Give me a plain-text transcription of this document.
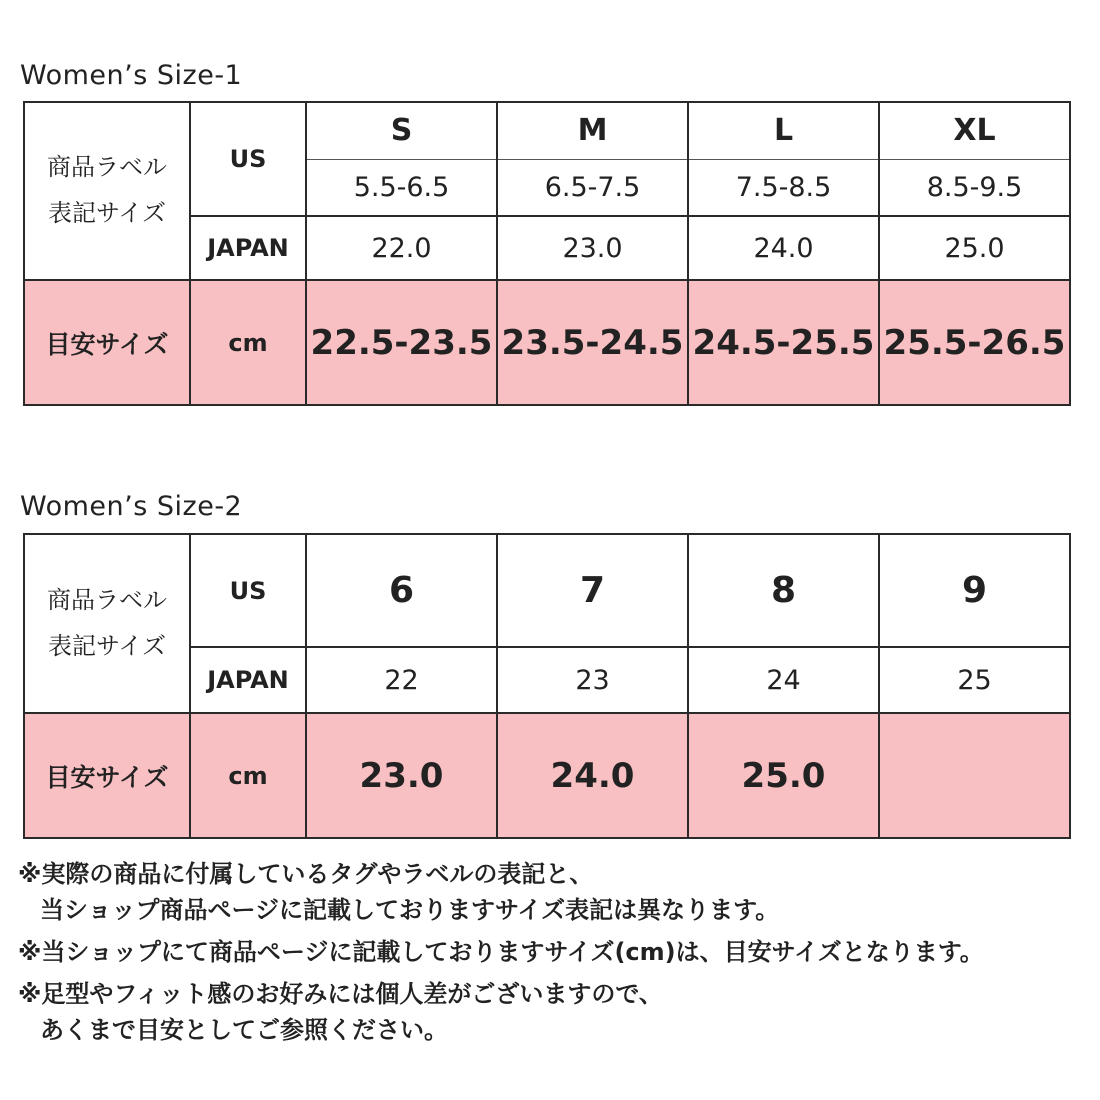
Women’s Size-1
商品ラベル
表記サイズ	US	S	M	L	XL
		5.5-6.5	6.5-7.5	7.5-8.5	8.5-9.5
	JAPAN	22.0	23.0	24.0	25.0
目安サイズ	cm	22.5-23.5	23.5-24.5	24.5-25.5	25.5-26.5
Women’s Size-2
商品ラベル
表記サイズ	US	6	7	8	9
	JAPAN	22	23	24	25
目安サイズ	cm	23.0	24.0	25.0	
※実際の商品に付属しているタグやラベルの表記と、
当ショップ商品ページに記載しておりますサイズ表記は異なります。
※当ショップにて商品ページに記載しておりますサイズ(cm)は、目安サイズとなります。
※足型やフィット感のお好みには個人差がございますので、
あくまで目安としてご参照ください。
